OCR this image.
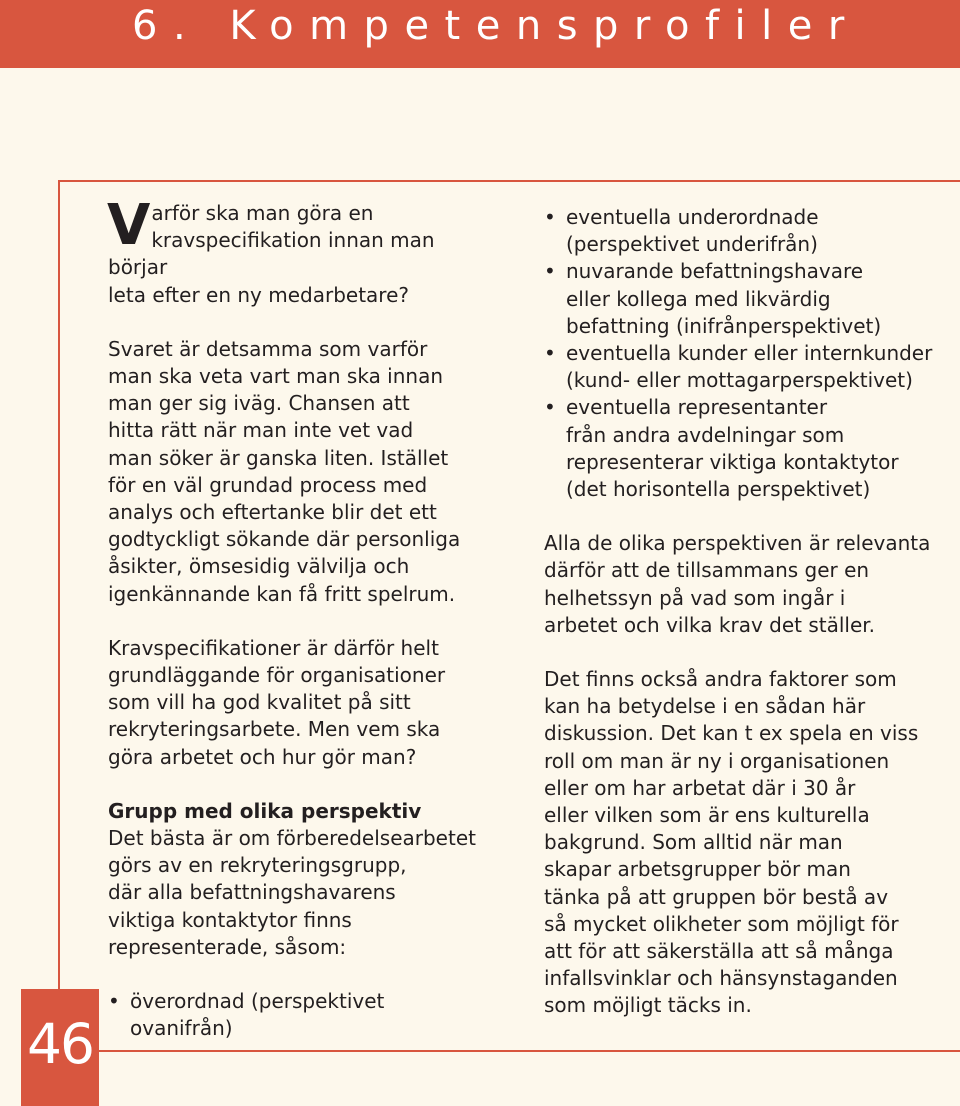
6. Kompetensprofiler
46

V arför ska man göra en
kravspecifikation innan man börjar
leta efter en ny medarbetare?

Svaret är detsamma som varför
man ska veta vart man ska innan
man ger sig iväg. Chansen att
hitta rätt när man inte vet vad
man söker är ganska liten. Istället
för en väl grundad process med
analys och eftertanke blir det ett
godtyckligt sökande där personliga
åsikter, ömsesidig välvilja och
igenkännande kan få fritt spelrum.

Kravspecifikationer är därför helt
grundläggande för organisationer
som vill ha god kvalitet på sitt
rekryteringsarbete. Men vem ska
göra arbetet och hur gör man?

Grupp med olika perspektiv

Det bästa är om förberedelsearbetet
görs av en rekryteringsgrupp,
där alla befattningshavarens
viktiga kontaktytor finns
representerade, såsom:

• överordnad (perspektivet ovanifrån)
• eventuella underordnade
(perspektivet underifrån)
• nuvarande befattningshavare
eller kollega med likvärdig
befattning (inifrånperspektivet)
• eventuella kunder eller internkunder
(kund- eller mottagarperspektivet)
• eventuella representanter
från andra avdelningar som
representerar viktiga kontaktytor
(det horisontella perspektivet)

Alla de olika perspektiven är relevanta
därför att de tillsammans ger en
helhetssyn på vad som ingår i
arbetet och vilka krav det ställer.

Det finns också andra faktorer som
kan ha betydelse i en sådan här
diskussion. Det kan t ex spela en viss
roll om man är ny i organisationen
eller om har arbetat där i 30 år
eller vilken som är ens kulturella
bakgrund. Som alltid när man
skapar arbetsgrupper bör man
tänka på att gruppen bör bestå av
så mycket olikheter som möjligt för
att för att säkerställa att så många
infallsvinklar och hänsynstaganden
som möjligt täcks in.
